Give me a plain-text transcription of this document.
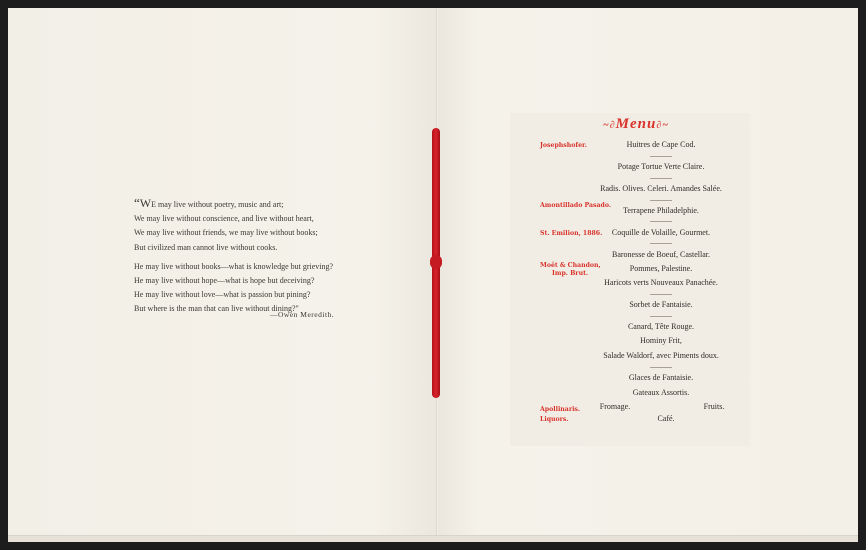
“WE may live without poetry, music and art;
We may live without conscience, and live without heart,
We may live without friends, we may live without books;
But civilized man cannot live without cooks.
He may live without books—what is knowledge but grieving?
He may live without hope—what is hope but deceiving?
He may live without love—what is passion but pining?
But where is the man that can live without dining?"
—Owen Meredith.
~∂Menu∂~
Josephshofer.
Amontillado Pasado.
St. Emilion, 1886.
Moët & Chandon,
Imp. Brut.
Apollinaris.
Liquors.
Huitres de Cape Cod.
Potage Tortue Verte Claire.
Radis. Olives. Celeri. Amandes Salée.
Terrapene Philadelphie.
Coquille de Volaille, Gourmet.
Baronesse de Boeuf, Castellar.
Pommes, Palestine.
Haricots verts Nouveaux Panachée.
Sorbet de Fantaisie.
Canard, Tête Rouge.
Hominy Frit,
Salade Waldorf, avec Piments doux.
Glaces de Fantaisie.
Gateaux Assortis.
Fromage.	Fruits.
Café.
